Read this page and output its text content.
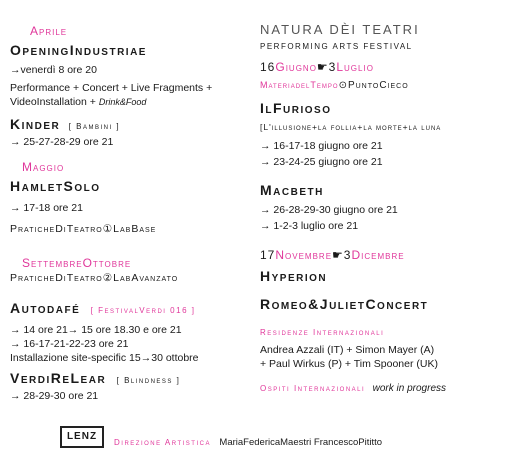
Aprile
OpeningIndustriae
→venerdì 8 ore 20
Performance + Concert + Live Fragments +
VideoInstallation + Drink&Food
Kinder [ Bambini ]
→ 25-27-28-29 ore 21
Maggio
HamletSolo
→ 17-18 ore 21
PraticheDiTeatro①LabBase
SettembreOttobre
PraticheDiTeatro②LabAvanzato
Autodafé [ FestivalVerdi 016 ]
→ 14 ore 21→ 15 ore 18.30 e ore 21
→ 16-17-21-22-23 ore 21
Installazione site-specific 15→30 ottobre
VerdiReLear [ Blindness ]
→ 28-29-30 ore 21
NATURA DÈI TEATRI
PERFORMING ARTS FESTIVAL
16Giugno☛3Luglio
MateriadelTempo⊙PuntoCieco
IlFurioso
[L'illusione+la follia+la morte+la luna
→ 16-17-18 giugno ore 21
→ 23-24-25 giugno ore 21
Macbeth
→ 26-28-29-30 giugno ore 21
→ 1-2-3 luglio ore 21
17Novembre☛3Dicembre
Hyperion
Romeo&JulietConcert
Residenze Internazionali
Andrea Azzali (IT) + Simon Mayer (A)
+ Paul Wirkus (P) + Tim Spooner (UK)
Ospiti Internazionali work in progress
LENZ
Direzione Artistica MariaFedericaMaestri FrancescoPititto
